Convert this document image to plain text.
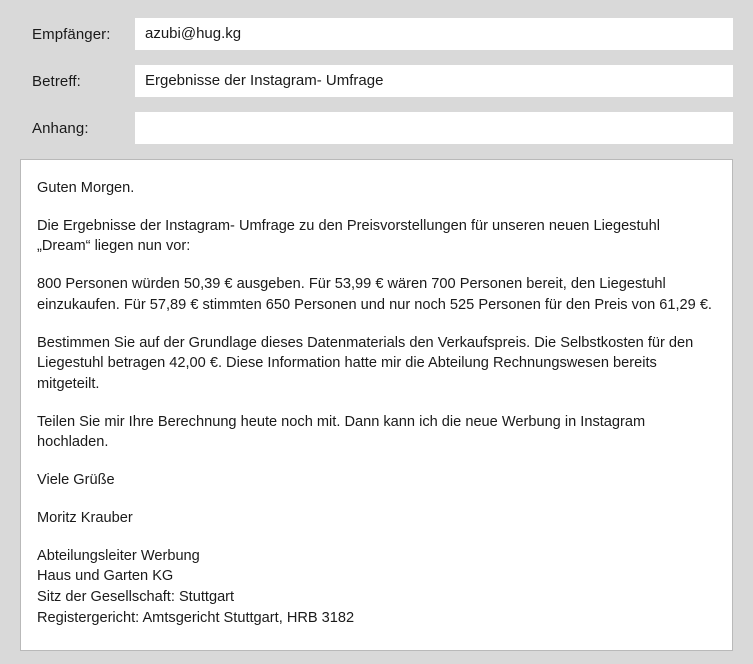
Empfänger:
azubi@hug.kg
Betreff:
Ergebnisse der Instagram- Umfrage
Anhang:

Guten Morgen.

Die Ergebnisse der Instagram- Umfrage zu den Preisvorstellungen für unseren neuen Liegestuhl „Dream“ liegen nun vor:

800 Personen würden 50,39 € ausgeben. Für 53,99 € wären 700 Personen bereit, den Liegestuhl einzukaufen. Für 57,89 € stimmten 650 Personen und nur noch 525 Personen für den Preis von 61,29 €.

Bestimmen Sie auf der Grundlage dieses Datenmaterials den Verkaufspreis. Die Selbstkosten für den Liegestuhl betragen 42,00 €. Diese Information hatte mir die Abteilung Rechnungswesen bereits mitgeteilt.

Teilen Sie mir Ihre Berechnung heute noch mit. Dann kann ich die neue Werbung in Instagram hochladen.

Viele Grüße

Moritz Krauber

Abteilungsleiter Werbung
Haus und Garten KG
Sitz der Gesellschaft: Stuttgart
Registergericht: Amtsgericht Stuttgart, HRB 3182
